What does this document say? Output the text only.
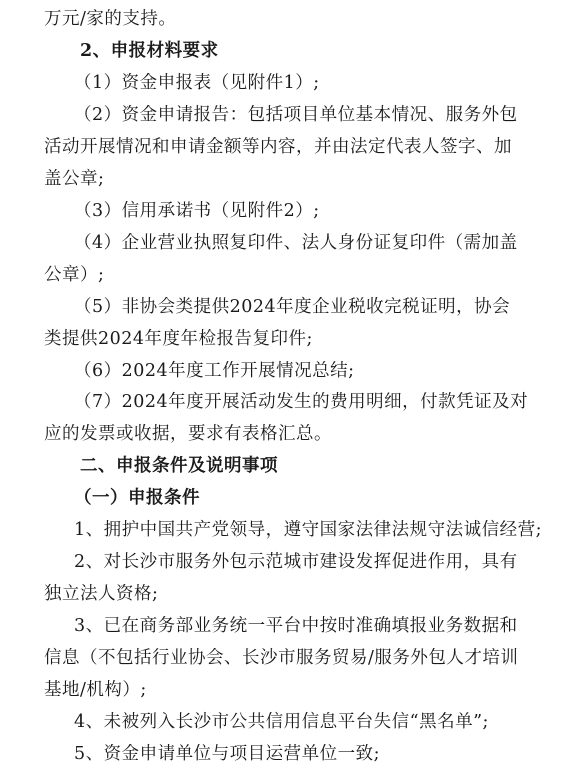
万元/家的支持。
2、申报材料要求
（1）资金申报表（见附件1）;
（2）资金申请报告：包括项目单位基本情况、服务外包
活动开展情况和申请金额等内容，并由法定代表人签字、加
盖公章;
（3）信用承诺书（见附件2）;
（4）企业营业执照复印件、法人身份证复印件（需加盖
公章）;
（5）非协会类提供2024年度企业税收完税证明，协会
类提供2024年度年检报告复印件;
（6）2024年度工作开展情况总结;
（7）2024年度开展活动发生的费用明细，付款凭证及对
应的发票或收据，要求有表格汇总。
二、申报条件及说明事项
（一）申报条件
1、拥护中国共产党领导，遵守国家法律法规守法诚信经营;
2、对长沙市服务外包示范城市建设发挥促进作用，具有
独立法人资格;
3、已在商务部业务统一平台中按时准确填报业务数据和
信息（不包括行业协会、长沙市服务贸易/服务外包人才培训
基地/机构）;
4、未被列入长沙市公共信用信息平台失信“黑名单”;
5、资金申请单位与项目运营单位一致;
